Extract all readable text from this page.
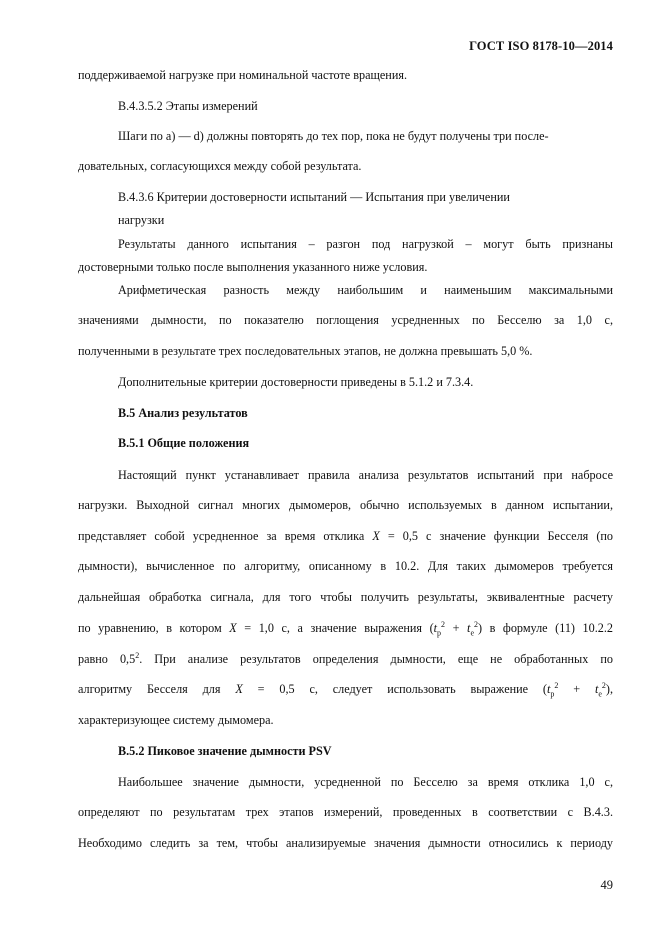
ГОСТ ISO 8178-10—2014
поддерживаемой нагрузке при номинальной частоте вращения.
B.4.3.5.2 Этапы измерений
Шаги по а) — d) должны повторять до тех пор, пока не будут получены три после-
довательных, согласующихся между собой результата.
B.4.3.6 Критерии достоверности испытаний — Испытания при увеличении
нагрузки
Результаты данного испытания – разгон под нагрузкой – могут быть признаны
достоверными только после выполнения указанного ниже условия.
Арифметическая разность между наибольшим и наименьшим максимальными
значениями дымности, по показателю поглощения усредненных по Бесселю за 1,0 с,
полученными в результате трех последовательных этапов, не должна превышать 5,0 %.
Дополнительные критерии достоверности приведены в 5.1.2 и 7.3.4.
B.5 Анализ результатов
B.5.1 Общие положения
Настоящий пункт устанавливает правила анализа результатов испытаний при набросе
нагрузки. Выходной сигнал многих дымомеров, обычно используемых в данном испытании,
представляет собой усредненное за время отклика X = 0,5 с значение функции Бесселя (по
дымности), вычисленное по алгоритму, описанному в 10.2. Для таких дымомеров требуется
дальнейшая обработка сигнала, для того чтобы получить результаты, эквивалентные расчету
по уравнению, в котором X = 1,0 с, а значение выражения $(t_p^2 + t_e^2)$ в формуле (11) 10.2.2
равно $0,5^2$. При анализе результатов определения дымности, еще не обработанных по
алгоритму Бесселя для X = 0,5 с, следует использовать выражение $(t_p^2 + t_e^2)$,
характеризующее систему дымомера.
B.5.2 Пиковое значение дымности PSV
Наибольшее значение дымности, усредненной по Бесселю за время отклика 1,0 с,
определяют по результатам трех этапов измерений, проведенных в соответствии с B.4.3.
Необходимо следить за тем, чтобы анализируемые значения дымности относились к периоду
49
